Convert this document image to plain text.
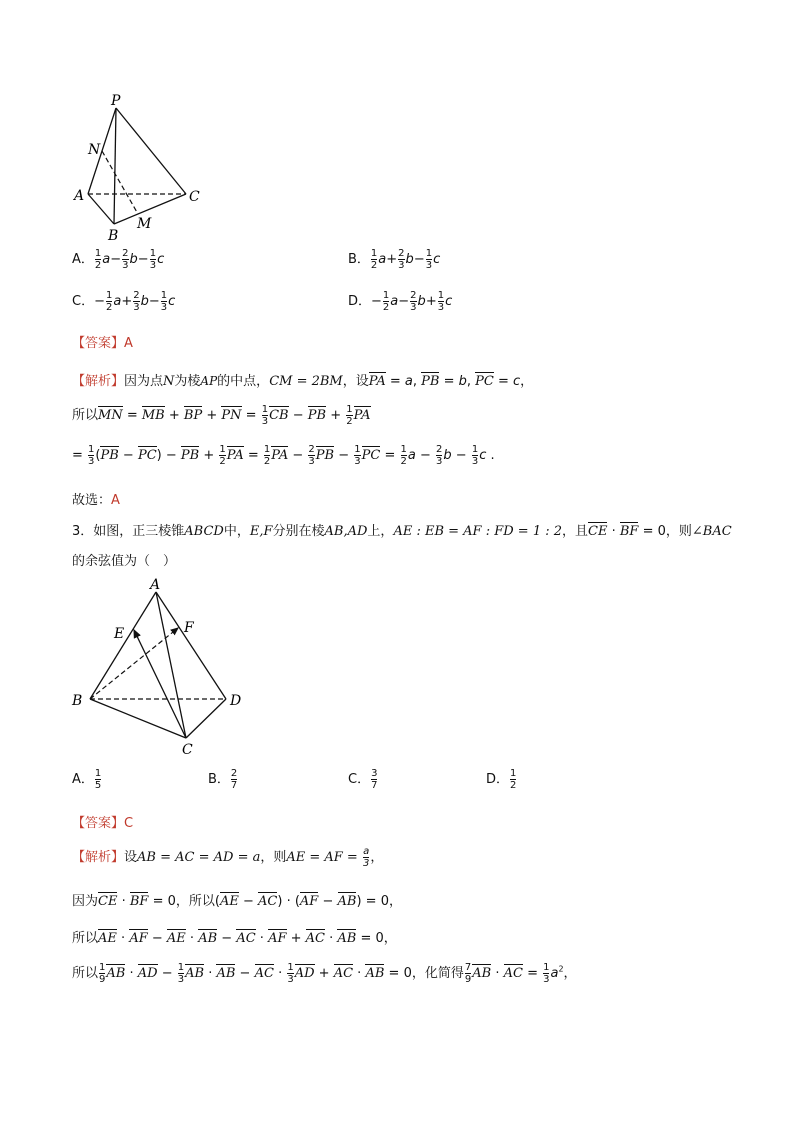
P
N
A	C
M
B
A． $\frac{1}{2} a- \frac{2}{3} b- \frac{1}{3}$ c	B． $\frac{1}{2} a+ \frac{2}{3} b- \frac{1}{3}$ c
C．− $\frac{1}{2} a+ \frac{2}{3} b- \frac{1}{3}$ c	D．− $\frac{1}{2} a- \frac{2}{3} b+ \frac{1}{3}$ c
【答案】A
【解析】因为点N为棱AP的中点，CM = 2BM，设PA = a, PB = b, PC = c，
所以MN = MB + BP + PN = $\frac{1}{3}$ CB − PB + $\frac{1}{2}$ PA
= $\frac{1}{3} (PB - PC)$ − PB + $\frac{1}{2}$ PA = $\frac{1}{2}$ PA − $\frac{2}{3}$ PB − $\frac{1}{3}$ PC = $\frac{1}{2}$ $a - \frac{2}{3}$ $b - \frac{1}{3}$ c .
故选：A
3．如图，正三棱锥ABCD中，E,F分别在棱AB,AD上，AE : EB = AF : FD = 1 : 2，且CE · BF = 0，则∠BAC
的余弦值为（　）
A
E	F
B	D
C
A． $\frac{1}{5}$	B． $\frac{2}{7}$	C． $\frac{3}{7}$	D． $\frac{1}{2}$
【答案】C
【解析】设AB = AC = AD = a，则AE = AF = $\frac{a}{3}$ ，
因为CE · BF = 0，所以(AE − AC) · (AF − AB) = 0，
所以AE · AF − AE · AB − AC · AF + AC · AB = 0，
所以 $\frac{1}{9}$ AB · AD − $\frac{1}{3}$ AB · AB − AC · $\frac{1}{3}$ AD + AC · AB = 0，化简得 $\frac{7}{9}$ AB · AC = $\frac{1}{3} a^2$，
